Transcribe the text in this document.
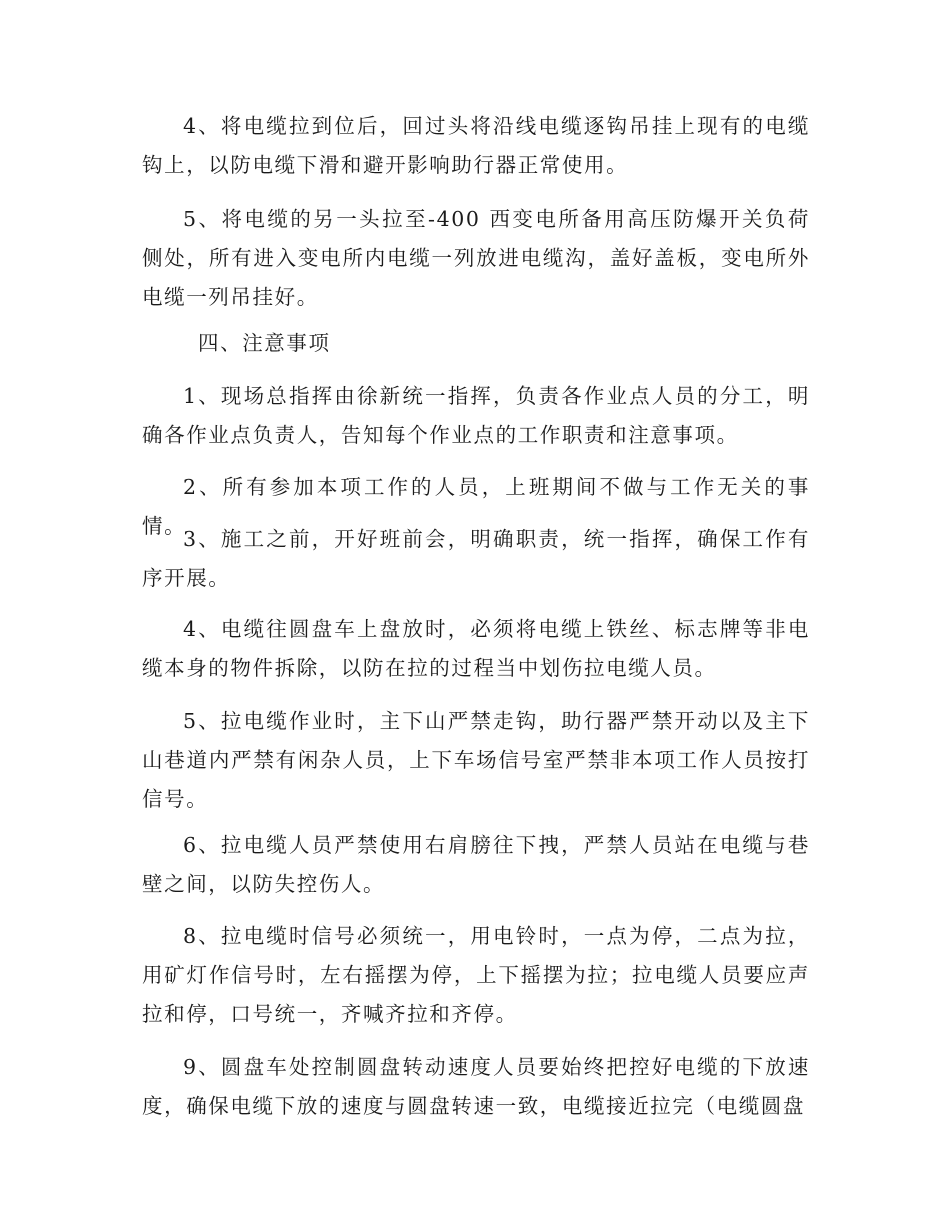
4、将电缆拉到位后，回过头将沿线电缆逐钩吊挂上现有的电缆钩上，以防电缆下滑和避开影响助行器正常使用。

5、将电缆的另一头拉至-400 西变电所备用高压防爆开关负荷侧处，所有进入变电所内电缆一列放进电缆沟，盖好盖板，变电所外电缆一列吊挂好。

四、注意事项

1、现场总指挥由徐新统一指挥，负责各作业点人员的分工，明确各作业点负责人，告知每个作业点的工作职责和注意事项。

2、所有参加本项工作的人员，上班期间不做与工作无关的事情。

3、施工之前，开好班前会，明确职责，统一指挥，确保工作有序开展。

4、电缆往圆盘车上盘放时，必须将电缆上铁丝、标志牌等非电缆本身的物件拆除，以防在拉的过程当中划伤拉电缆人员。

5、拉电缆作业时，主下山严禁走钩，助行器严禁开动以及主下山巷道内严禁有闲杂人员，上下车场信号室严禁非本项工作人员按打信号。

6、拉电缆人员严禁使用右肩膀往下拽，严禁人员站在电缆与巷壁之间，以防失控伤人。

8、拉电缆时信号必须统一，用电铃时，一点为停，二点为拉，用矿灯作信号时，左右摇摆为停，上下摇摆为拉；拉电缆人员要应声拉和停，口号统一，齐喊齐拉和齐停。

9、圆盘车处控制圆盘转动速度人员要始终把控好电缆的下放速度，确保电缆下放的速度与圆盘转速一致，电缆接近拉完（电缆圆盘
